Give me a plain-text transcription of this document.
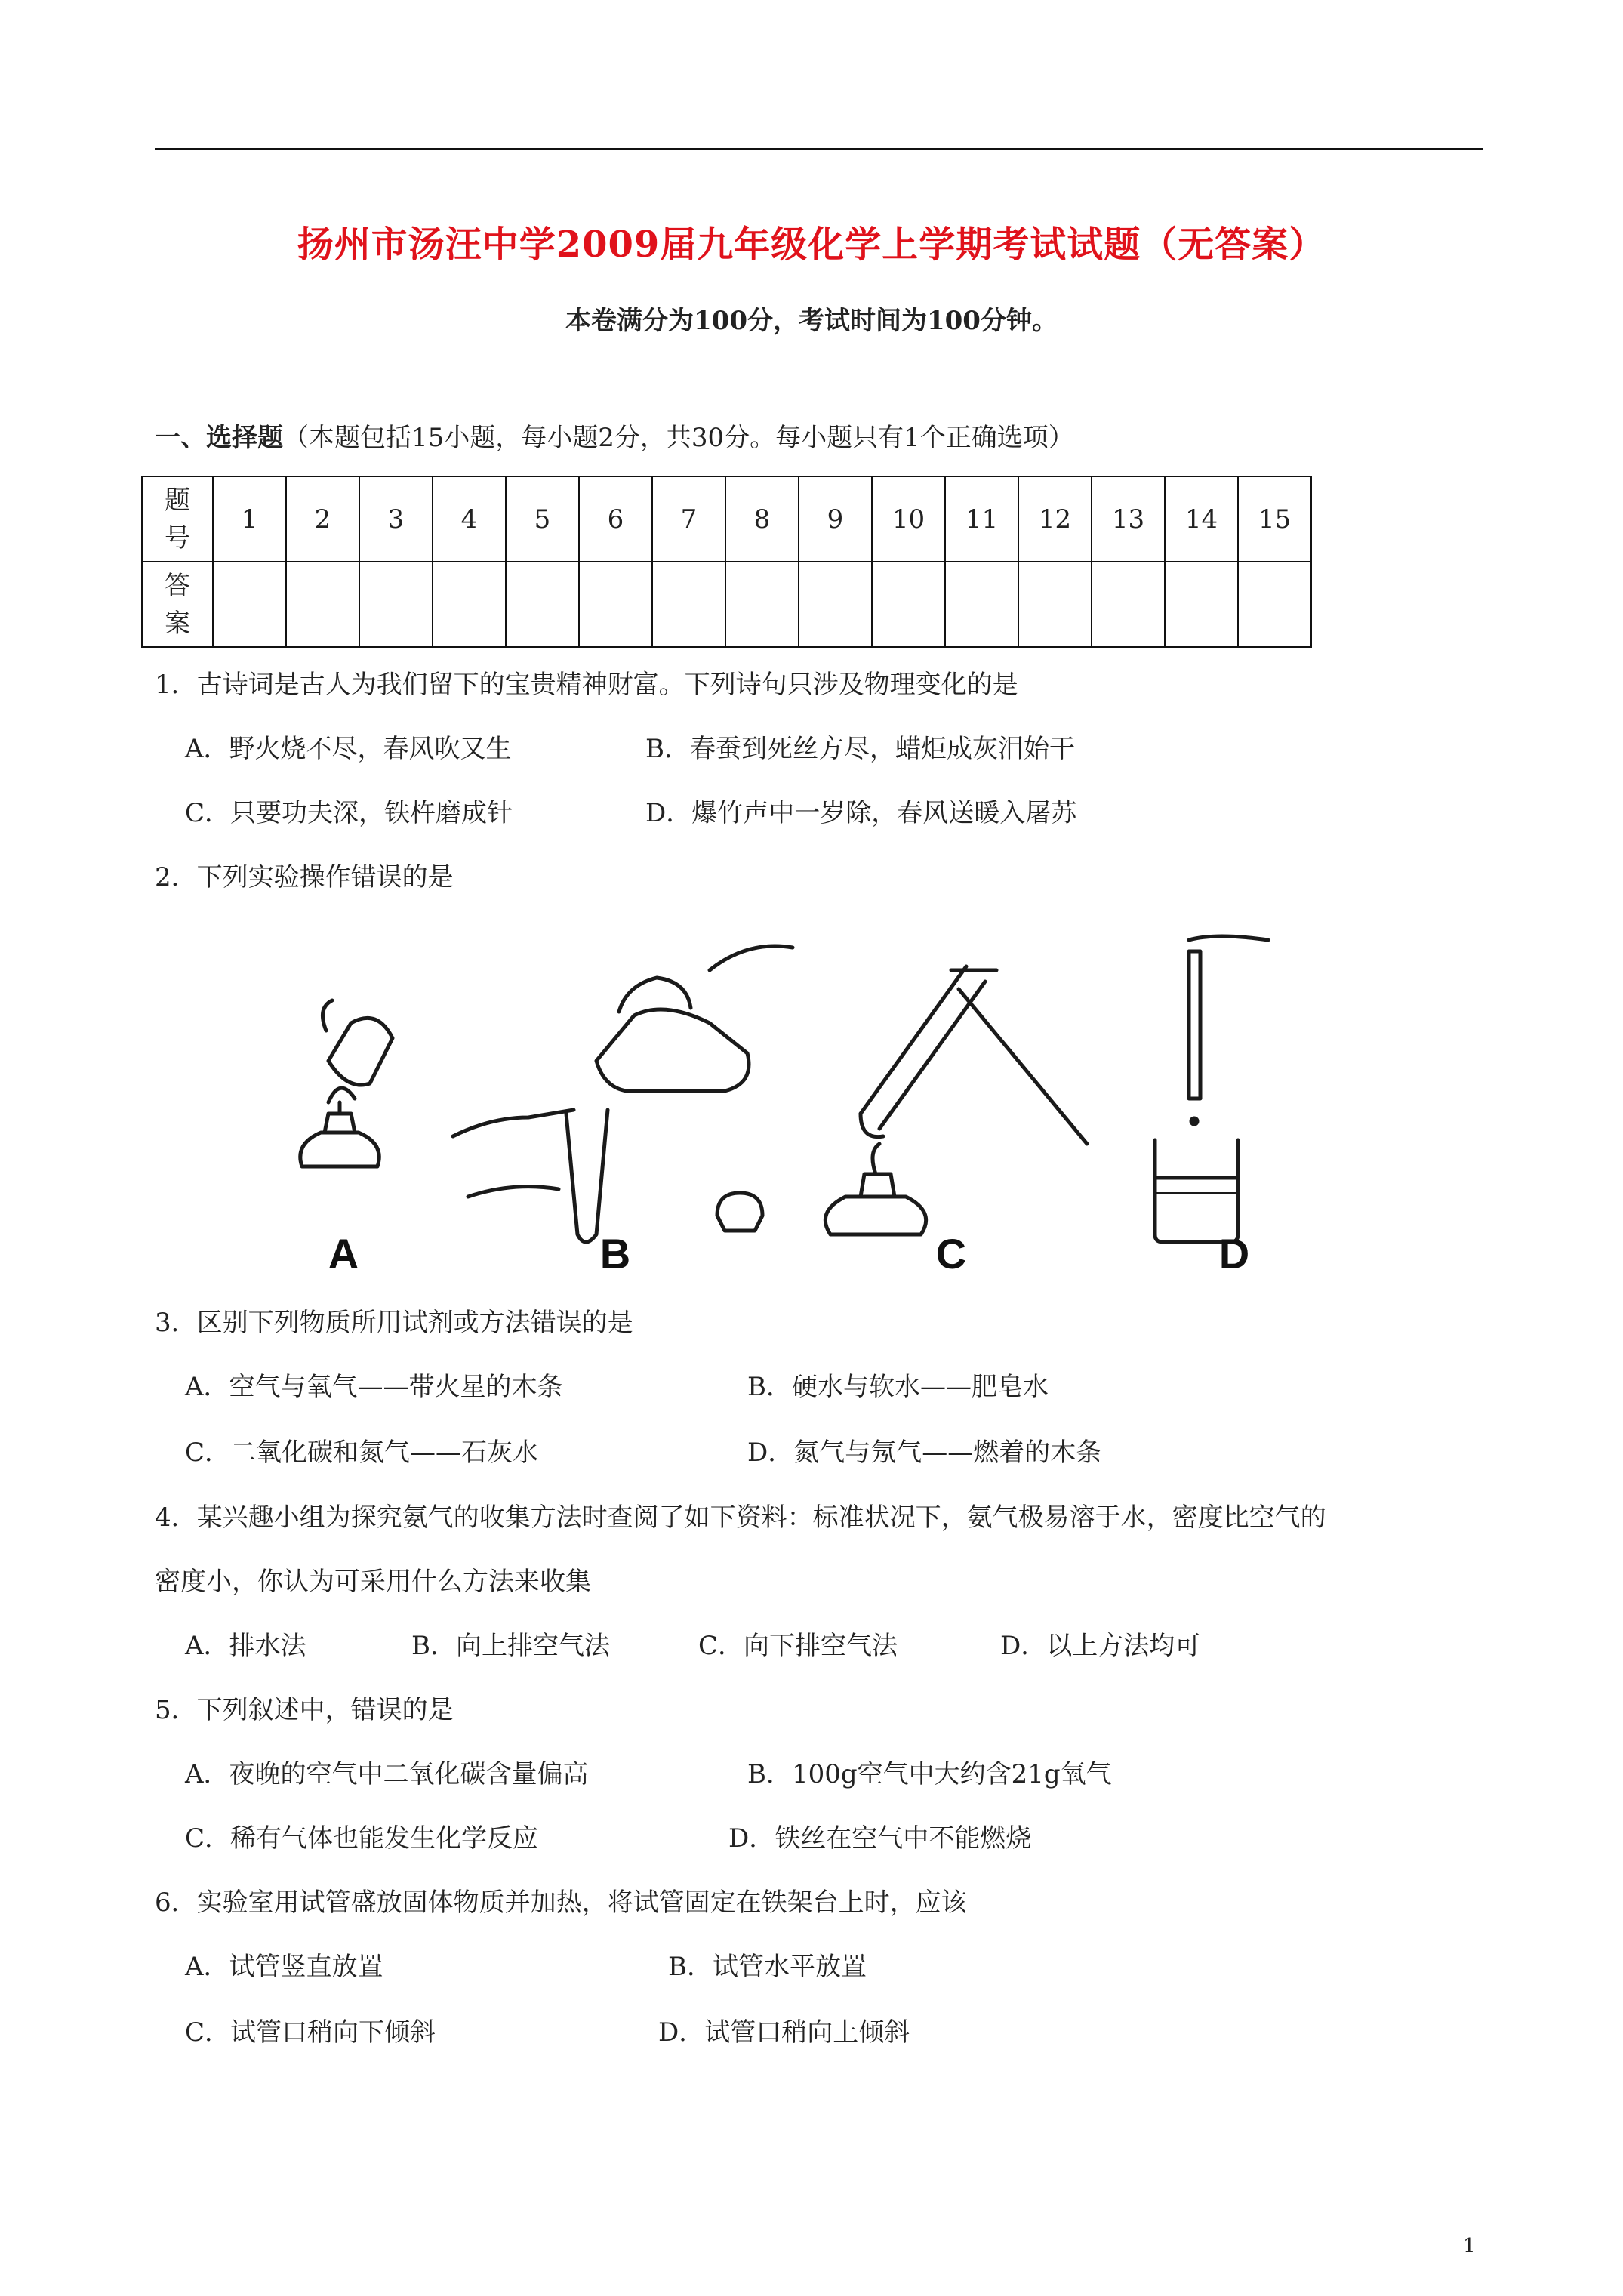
扬州市汤汪中学2009届九年级化学上学期考试试题（无答案）
本卷满分为100分，考试时间为100分钟。
一、选择题（本题包括15小题，每小题2分，共30分。每小题只有1个正确选项）
题
号	1	2	3	4	5	6	7	8	9	10	11	12	13	14	15

答
案															

1．古诗词是古人为我们留下的宝贵精神财富。下列诗句只涉及物理变化的是
A．野火烧不尽，春风吹又生	B．春蚕到死丝方尽，蜡炬成灰泪始干
C．只要功夫深，铁杵磨成针	D．爆竹声中一岁除，春风送暖入屠苏
2．下列实验操作错误的是
A	B	C	D
3．区别下列物质所用试剂或方法错误的是
A．空气与氧气——带火星的木条	B．硬水与软水——肥皂水
C．二氧化碳和氮气——石灰水	D．氮气与氖气——燃着的木条
4．某兴趣小组为探究氨气的收集方法时查阅了如下资料：标准状况下，氨气极易溶于水，密度比空气的
密度小，你认为可采用什么方法来收集
A．排水法	B．向上排空气法	C．向下排空气法	D．以上方法均可
5．下列叙述中，错误的是
A．夜晚的空气中二氧化碳含量偏高	B．100g空气中大约含21g氧气
C．稀有气体也能发生化学反应	D．铁丝在空气中不能燃烧
6．实验室用试管盛放固体物质并加热，将试管固定在铁架台上时，应该
A．试管竖直放置	B．试管水平放置
C．试管口稍向下倾斜	D．试管口稍向上倾斜
1
